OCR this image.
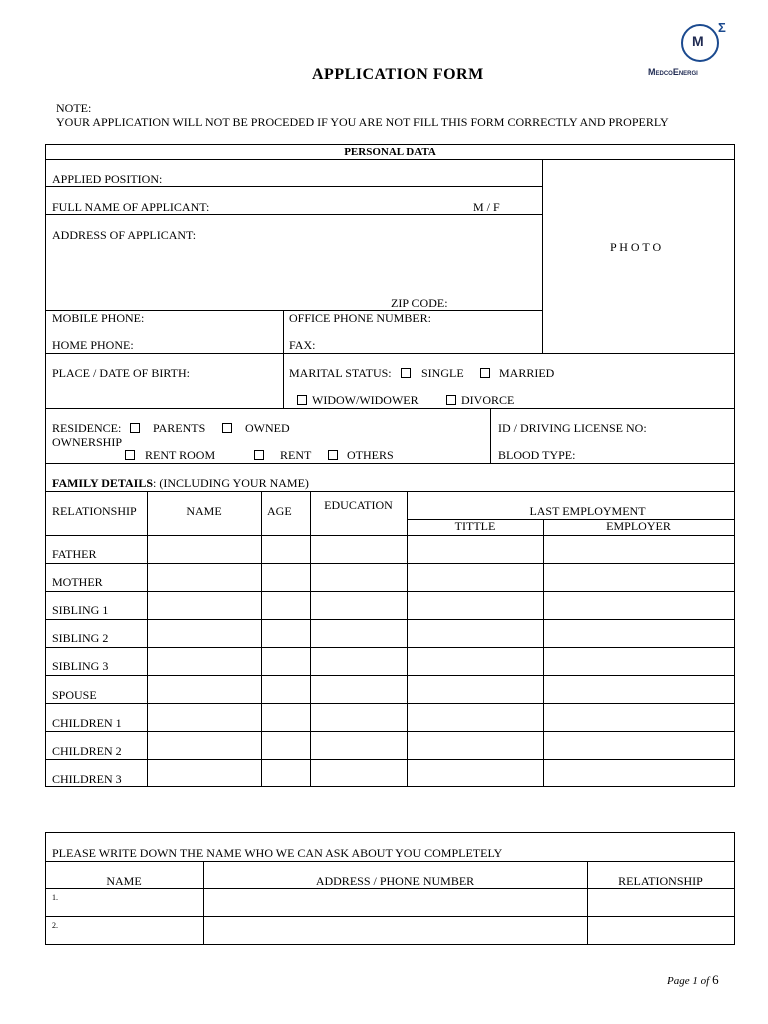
M
Σ
MedcoEnergi
APPLICATION FORM
NOTE:
YOUR APPLICATION WILL NOT BE PROCEDED IF YOU ARE NOT FILL THIS FORM CORRECTLY AND PROPERLY
PERSONAL DATA
APPLIED POSITION:
FULL NAME OF APPLICANT:	M / F
ADDRESS OF APPLICANT:
ZIP CODE:
P H O T O
MOBILE PHONE:	OFFICE PHONE NUMBER:
HOME PHONE:	FAX:
PLACE / DATE OF BIRTH:	MARITAL STATUS: SINGLE	MARRIED
WIDOW/WIDOWER	DIVORCE
RESIDENCE:
OWNERSHIP
PARENTS	OWNED
RENT ROOM	RENT	OTHERS
ID / DRIVING LICENSE NO:
BLOOD TYPE:
FAMILY DETAILS: (INCLUDING YOUR NAME)
RELATIONSHIP	NAME	AGE	EDUCATION	LAST EMPLOYMENT
TITTLE	EMPLOYER
FATHER
MOTHER
SIBLING 1
SIBLING 2
SIBLING 3
SPOUSE
CHILDREN 1
CHILDREN 2
CHILDREN 3
PLEASE WRITE DOWN THE NAME WHO WE CAN ASK ABOUT YOU COMPLETELY
NAME	ADDRESS / PHONE NUMBER	RELATIONSHIP
1.
2.
Page 1 of 6
